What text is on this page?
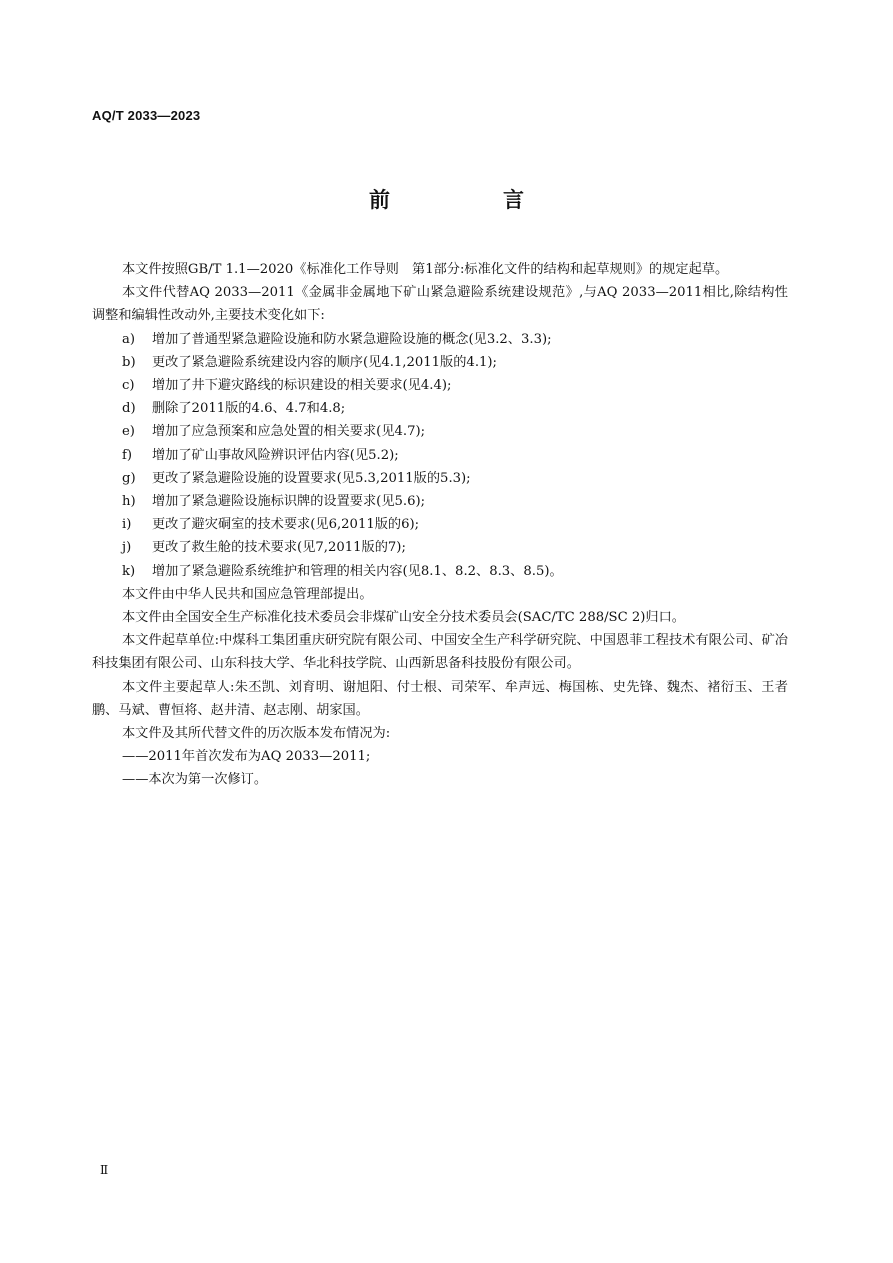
AQ/T 2033—2023
前　言

本文件按照GB/T 1.1—2020《标准化工作导则　第1部分:标准化文件的结构和起草规则》的规定起草。

本文件代替AQ 2033—2011《金属非金属地下矿山紧急避险系统建设规范》,与AQ 2033—2011相比,除结构性调整和编辑性改动外,主要技术变化如下:

a) 增加了普通型紧急避险设施和防水紧急避险设施的概念(见3.2、3.3);

b) 更改了紧急避险系统建设内容的顺序(见4.1,2011版的4.1);

c) 增加了井下避灾路线的标识建设的相关要求(见4.4);

d) 删除了2011版的4.6、4.7和4.8;

e) 增加了应急预案和应急处置的相关要求(见4.7);

f) 增加了矿山事故风险辨识评估内容(见5.2);

g) 更改了紧急避险设施的设置要求(见5.3,2011版的5.3);

h) 增加了紧急避险设施标识牌的设置要求(见5.6);

i) 更改了避灾硐室的技术要求(见6,2011版的6);

j) 更改了救生舱的技术要求(见7,2011版的7);

k) 增加了紧急避险系统维护和管理的相关内容(见8.1、8.2、8.3、8.5)。

本文件由中华人民共和国应急管理部提出。

本文件由全国安全生产标准化技术委员会非煤矿山安全分技术委员会(SAC/TC 288/SC 2)归口。

本文件起草单位:中煤科工集团重庆研究院有限公司、中国安全生产科学研究院、中国恩菲工程技术有限公司、矿冶科技集团有限公司、山东科技大学、华北科技学院、山西新思备科技股份有限公司。

本文件主要起草人:朱丕凯、刘育明、谢旭阳、付士根、司荣军、牟声远、梅国栋、史先锋、魏杰、褚衍玉、王者鹏、马斌、曹恒将、赵井清、赵志刚、胡家国。

本文件及其所代替文件的历次版本发布情况为:

——2011年首次发布为AQ 2033—2011;

——本次为第一次修订。

Ⅱ
